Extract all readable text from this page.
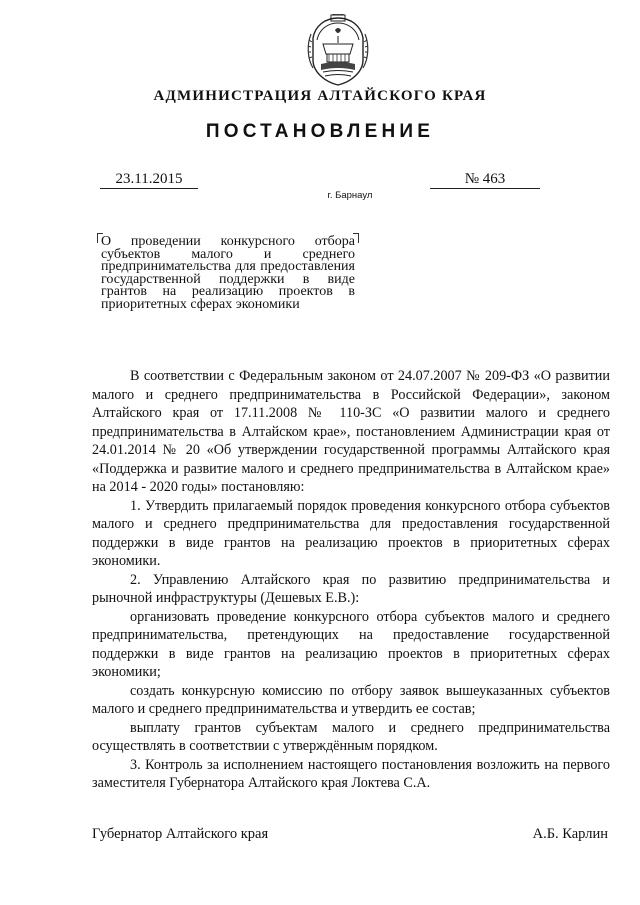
АДМИНИСТРАЦИЯ АЛТАЙСКОГО КРАЯ
ПОСТАНОВЛЕНИЕ
23.11.2015
г. Барнаул
№ 463
О проведении конкурсного отбора субъектов малого и среднего предпринимательства для предоставления государственной поддержки в виде грантов на реализацию проектов в приоритетных сферах экономики

В соответствии с Федеральным законом от 24.07.2007 № 209-ФЗ «О развитии малого и среднего предпринимательства в Российской Федерации», законом Алтайского края от 17.11.2008 № 110-ЗС «О развитии малого и среднего предпринимательства в Алтайском крае», постановлением Администрации края от 24.01.2014 № 20 «Об утверждении государственной программы Алтайского края «Поддержка и развитие малого и среднего предпринимательства в Алтайском крае» на 2014 - 2020 годы» постановляю:

1. Утвердить прилагаемый порядок проведения конкурсного отбора субъектов малого и среднего предпринимательства для предоставления государственной поддержки в виде грантов на реализацию проектов в приоритетных сферах экономики.

2. Управлению Алтайского края по развитию предпринимательства и рыночной инфраструктуры (Дешевых Е.В.):

организовать проведение конкурсного отбора субъектов малого и среднего предпринимательства, претендующих на предоставление государственной поддержки в виде грантов на реализацию проектов в приоритетных сферах экономики;

создать конкурсную комиссию по отбору заявок вышеуказанных субъектов малого и среднего предпринимательства и утвердить ее состав;

выплату грантов субъектам малого и среднего предпринимательства осуществлять в соответствии с утверждённым порядком.

3. Контроль за исполнением настоящего постановления возложить на первого заместителя Губернатора Алтайского края Локтева С.А.

Губернатор Алтайского края	А.Б. Карлин
